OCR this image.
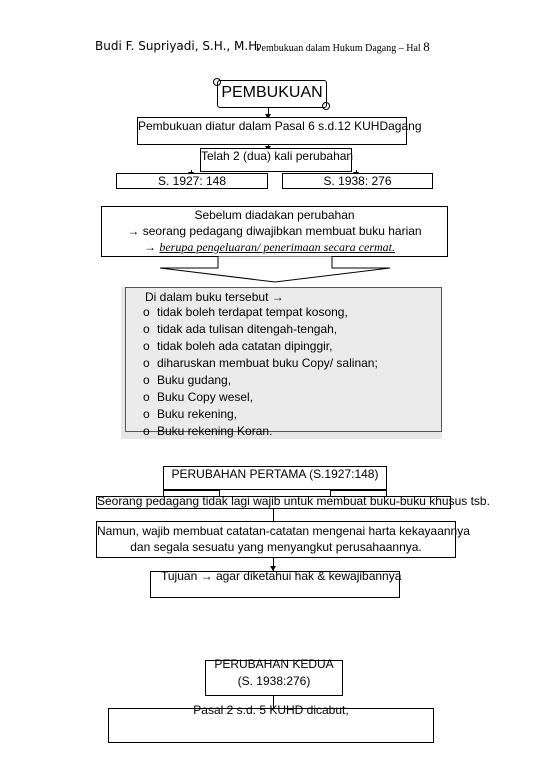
Budi F. Supriyadi, S.H., M.H.
Pembukuan dalam Hukum Dagang – Hal 8
PEMBUKUAN
Pembukuan diatur dalam Pasal 6 s.d.12 KUHDagang
Telah 2 (dua) kali perubahan
S. 1927: 148	S. 1938: 276
Sebelum diadakan perubahan
→ seorang pedagang diwajibkan membuat buku harian
→ berupa pengeluaran/ penerimaan secara cermat.
Di dalam buku tersebut →
o tidak boleh terdapat tempat kosong,
o tidak ada tulisan ditengah-tengah,
o tidak boleh ada catatan dipinggir,
o diharuskan membuat buku Copy/ salinan;
o Buku gudang,
o Buku Copy wesel,
o Buku rekening,
o Buku rekening Koran.
PERUBAHAN PERTAMA (S.1927:148)
Seorang pedagang tidak lagi wajib untuk membuat buku-buku khusus tsb.
Namun, wajib membuat catatan-catatan mengenai harta kekayaannya
dan segala sesuatu yang menyangkut perusahaannya.
Tujuan → agar diketahui hak & kewajibannya
PERUBAHAN KEDUA
(S. 1938:276)
Pasal 2 s.d. 5 KUHD dicabut,
